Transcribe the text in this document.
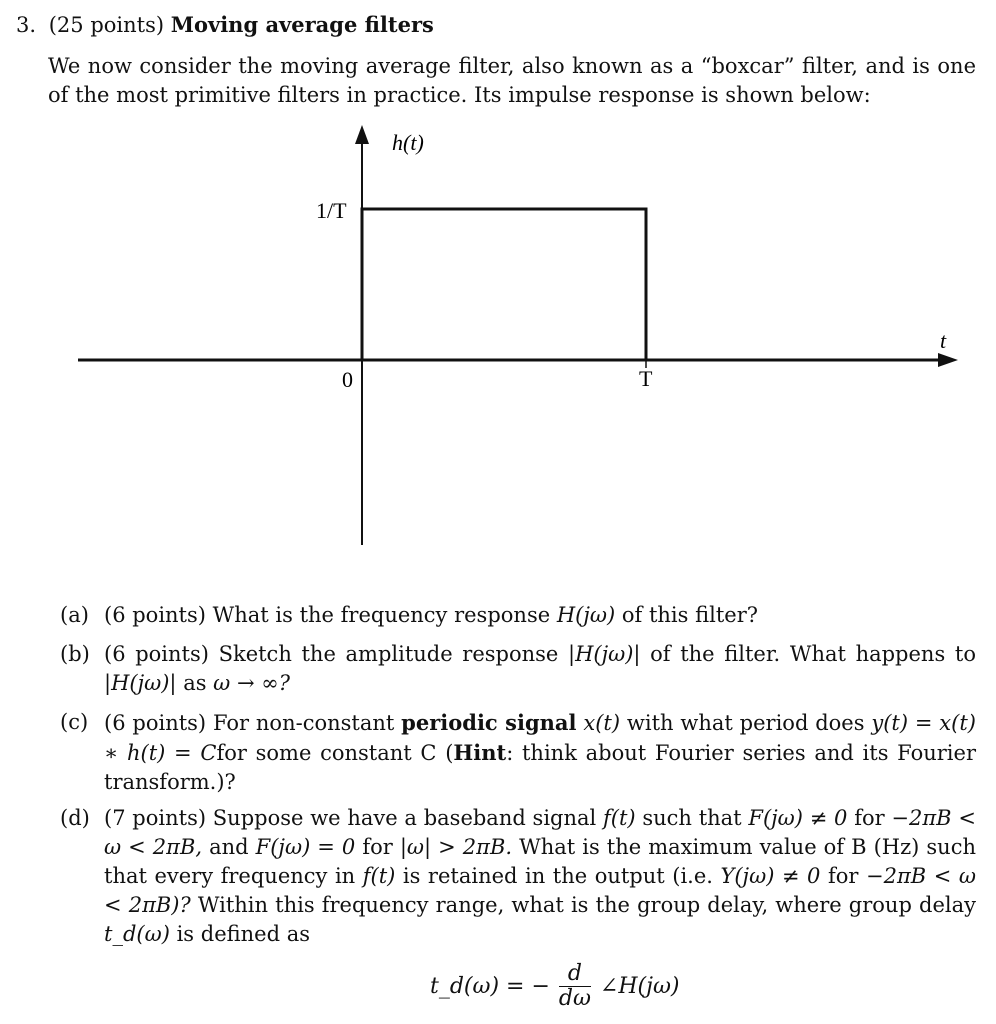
3. (25 points) Moving average filters
We now consider the moving average filter, also known as a “boxcar” filter, and is one of the most primitive filters in practice. Its impulse response is shown below:
h(t)
t
1/T
0	T
(a) (6 points) What is the frequency response H(jω) of this filter?
(b) (6 points) Sketch the amplitude response |H(jω)| of the filter. What happens to |H(jω)| as ω → ∞?
(c) (6 points) For non-constant periodic signal x(t) with what period does y(t) = x(t) ∗ h(t) = Cfor some constant C (Hint: think about Fourier series and its Fourier transform.)?
(d) (7 points) Suppose we have a baseband signal f(t) such that F(jω) ≠ 0 for −2πB < ω < 2πB, and F(jω) = 0 for |ω| > 2πB. What is the maximum value of B (Hz) such that every frequency in f(t) is retained in the output (i.e. Y(jω) ≠ 0 for −2πB < ω < 2πB)? Within this frequency range, what is the group delay, where group delay t_d(ω) is defined as
t_d(ω) = − $\frac{d}{d\omega}$ ∠H(jω)
